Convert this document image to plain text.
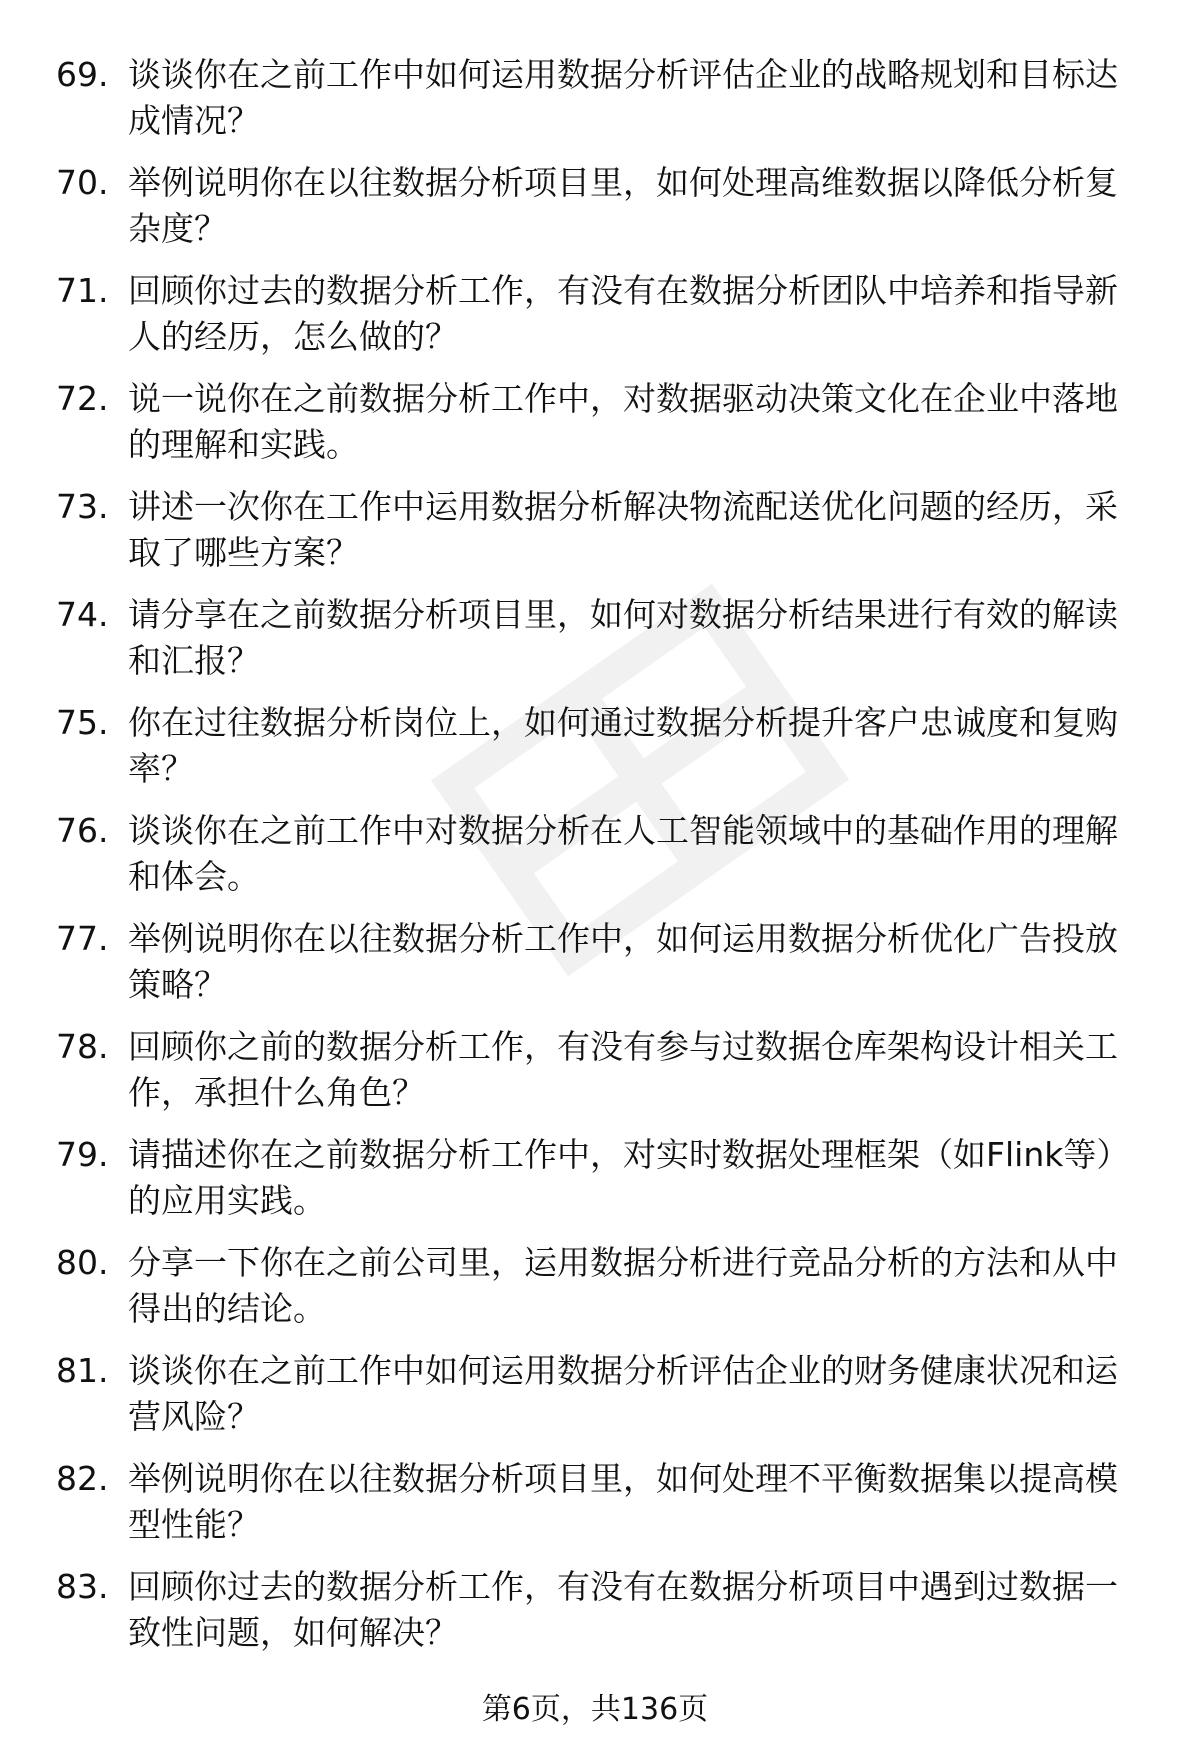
69. 谈谈你在之前工作中如何运用数据分析评估企业的战略规划和目标达成情况？
70. 举例说明你在以往数据分析项目里，如何处理高维数据以降低分析复杂度？
71. 回顾你过去的数据分析工作，有没有在数据分析团队中培养和指导新人的经历，怎么做的？
72. 说一说你在之前数据分析工作中，对数据驱动决策文化在企业中落地的理解和实践。
73. 讲述一次你在工作中运用数据分析解决物流配送优化问题的经历，采取了哪些方案？
74. 请分享在之前数据分析项目里，如何对数据分析结果进行有效的解读和汇报？
75. 你在过往数据分析岗位上，如何通过数据分析提升客户忠诚度和复购率？
76. 谈谈你在之前工作中对数据分析在人工智能领域中的基础作用的理解和体会。
77. 举例说明你在以往数据分析工作中，如何运用数据分析优化广告投放策略？
78. 回顾你之前的数据分析工作，有没有参与过数据仓库架构设计相关工作，承担什么角色？
79. 请描述你在之前数据分析工作中，对实时数据处理框架（如Flink等）的应用实践。
80. 分享一下你在之前公司里，运用数据分析进行竞品分析的方法和从中得出的结论。
81. 谈谈你在之前工作中如何运用数据分析评估企业的财务健康状况和运营风险？
82. 举例说明你在以往数据分析项目里，如何处理不平衡数据集以提高模型性能？
83. 回顾你过去的数据分析工作，有没有在数据分析项目中遇到过数据一致性问题，如何解决？
第6页，共136页
